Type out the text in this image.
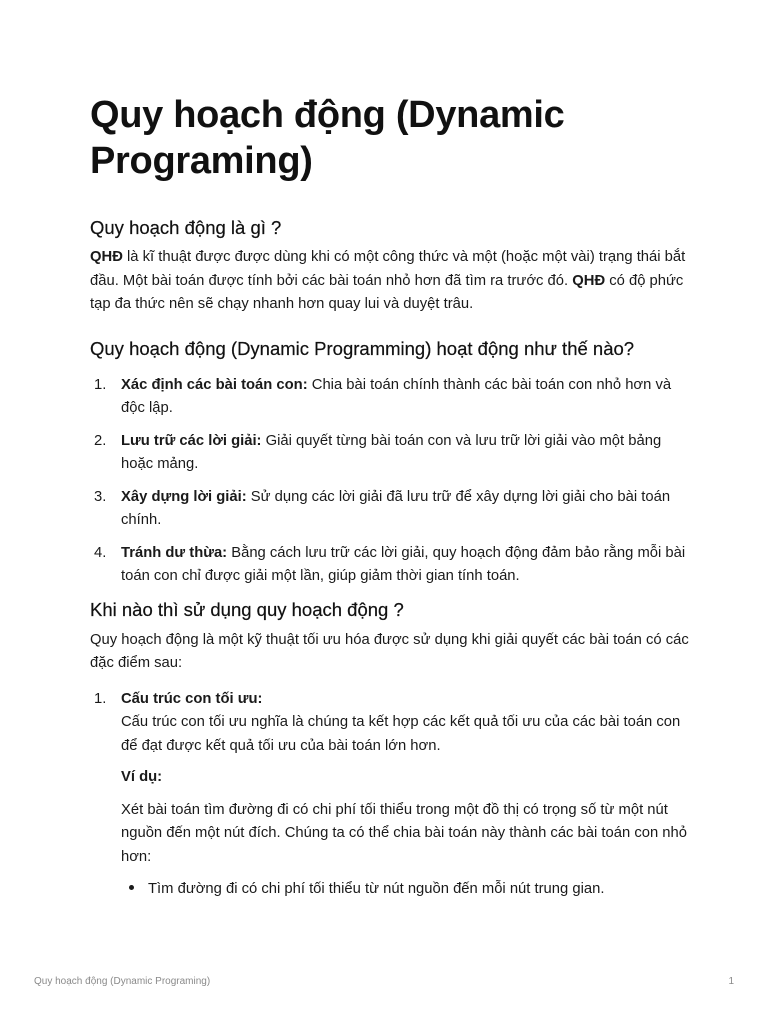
Quy hoạch động (Dynamic Programing)
Quy hoạch động là gì ?

QHĐ là kĩ thuật được được dùng khi có một công thức và một (hoặc một vài) trạng thái bắt đầu. Một bài toán được tính bởi các bài toán nhỏ hơn đã tìm ra trước đó. QHĐ có độ phức tạp đa thức nên sẽ chạy nhanh hơn quay lui và duyệt trâu.

Quy hoạch động (Dynamic Programming) hoạt động như thế nào?
1. Xác định các bài toán con: Chia bài toán chính thành các bài toán con nhỏ hơn và độc lập.
2. Lưu trữ các lời giải: Giải quyết từng bài toán con và lưu trữ lời giải vào một bảng hoặc mảng.
3. Xây dựng lời giải: Sử dụng các lời giải đã lưu trữ để xây dựng lời giải cho bài toán chính.
4. Tránh dư thừa: Bằng cách lưu trữ các lời giải, quy hoạch động đảm bảo rằng mỗi bài toán con chỉ được giải một lần, giúp giảm thời gian tính toán.
Khi nào thì sử dụng quy hoạch động ?

Quy hoạch động là một kỹ thuật tối ưu hóa được sử dụng khi giải quyết các bài toán có các đặc điểm sau:

1. Cấu trúc con tối ưu:

Cấu trúc con tối ưu nghĩa là chúng ta kết hợp các kết quả tối ưu của các bài toán con để đạt được kết quả tối ưu của bài toán lớn hơn.

Ví dụ:

Xét bài toán tìm đường đi có chi phí tối thiểu trong một đồ thị có trọng số từ một nút nguồn đến một nút đích. Chúng ta có thể chia bài toán này thành các bài toán con nhỏ hơn:

Tìm đường đi có chi phí tối thiểu từ nút nguồn đến mỗi nút trung gian.
Quy hoạch động (Dynamic Programing)	1
